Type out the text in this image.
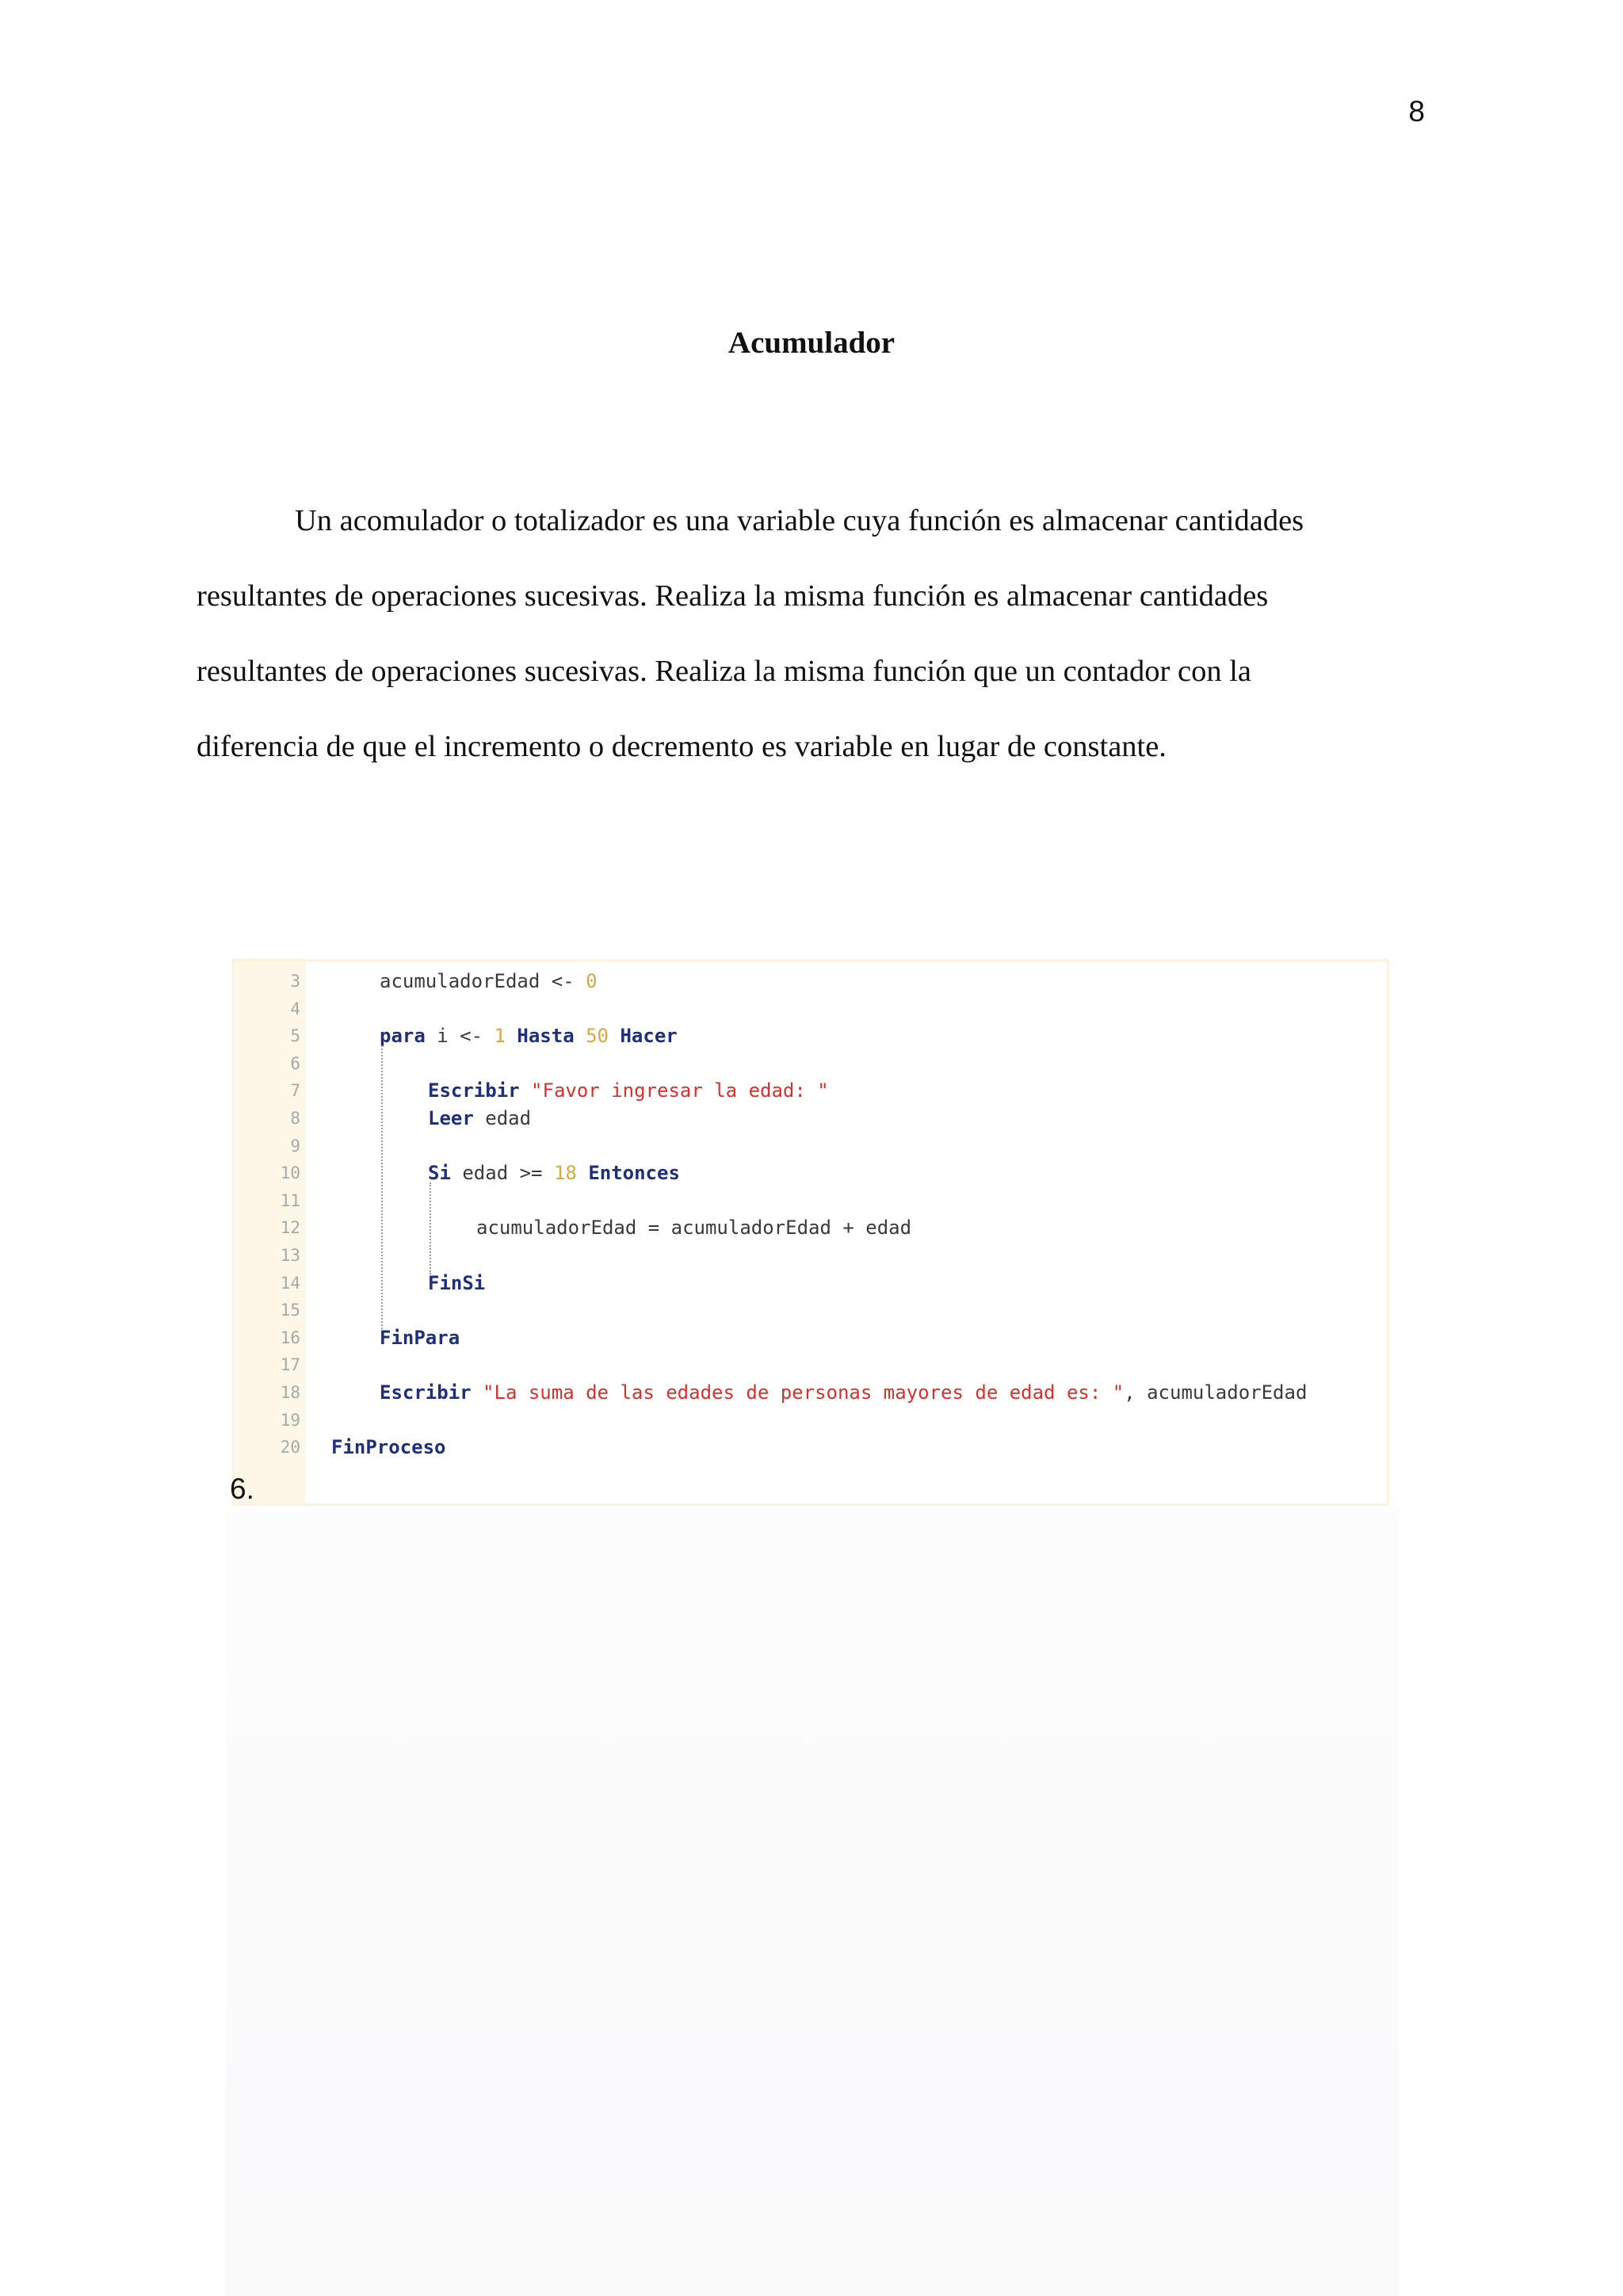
8
Acumulador
Un acomulador o totalizador es una variable cuya función es almacenar cantidades
resultantes de operaciones sucesivas. Realiza la misma función es almacenar cantidades
resultantes de operaciones sucesivas. Realiza la misma función que un contador con la
diferencia de que el incremento o decremento es variable en lugar de constante.
3	acumuladorEdad <- 0
4
5	para i <- 1 Hasta 50 Hacer
6
7	Escribir "Favor ingresar la edad: "
8	Leer edad
9
10	Si edad >= 18 Entonces
11
12	acumuladorEdad = acumuladorEdad + edad
13
14	FinSi
15
16	FinPara
17
18	Escribir "La suma de las edades de personas mayores de edad es: ", acumuladorEdad
19
20 FinProceso
6.
